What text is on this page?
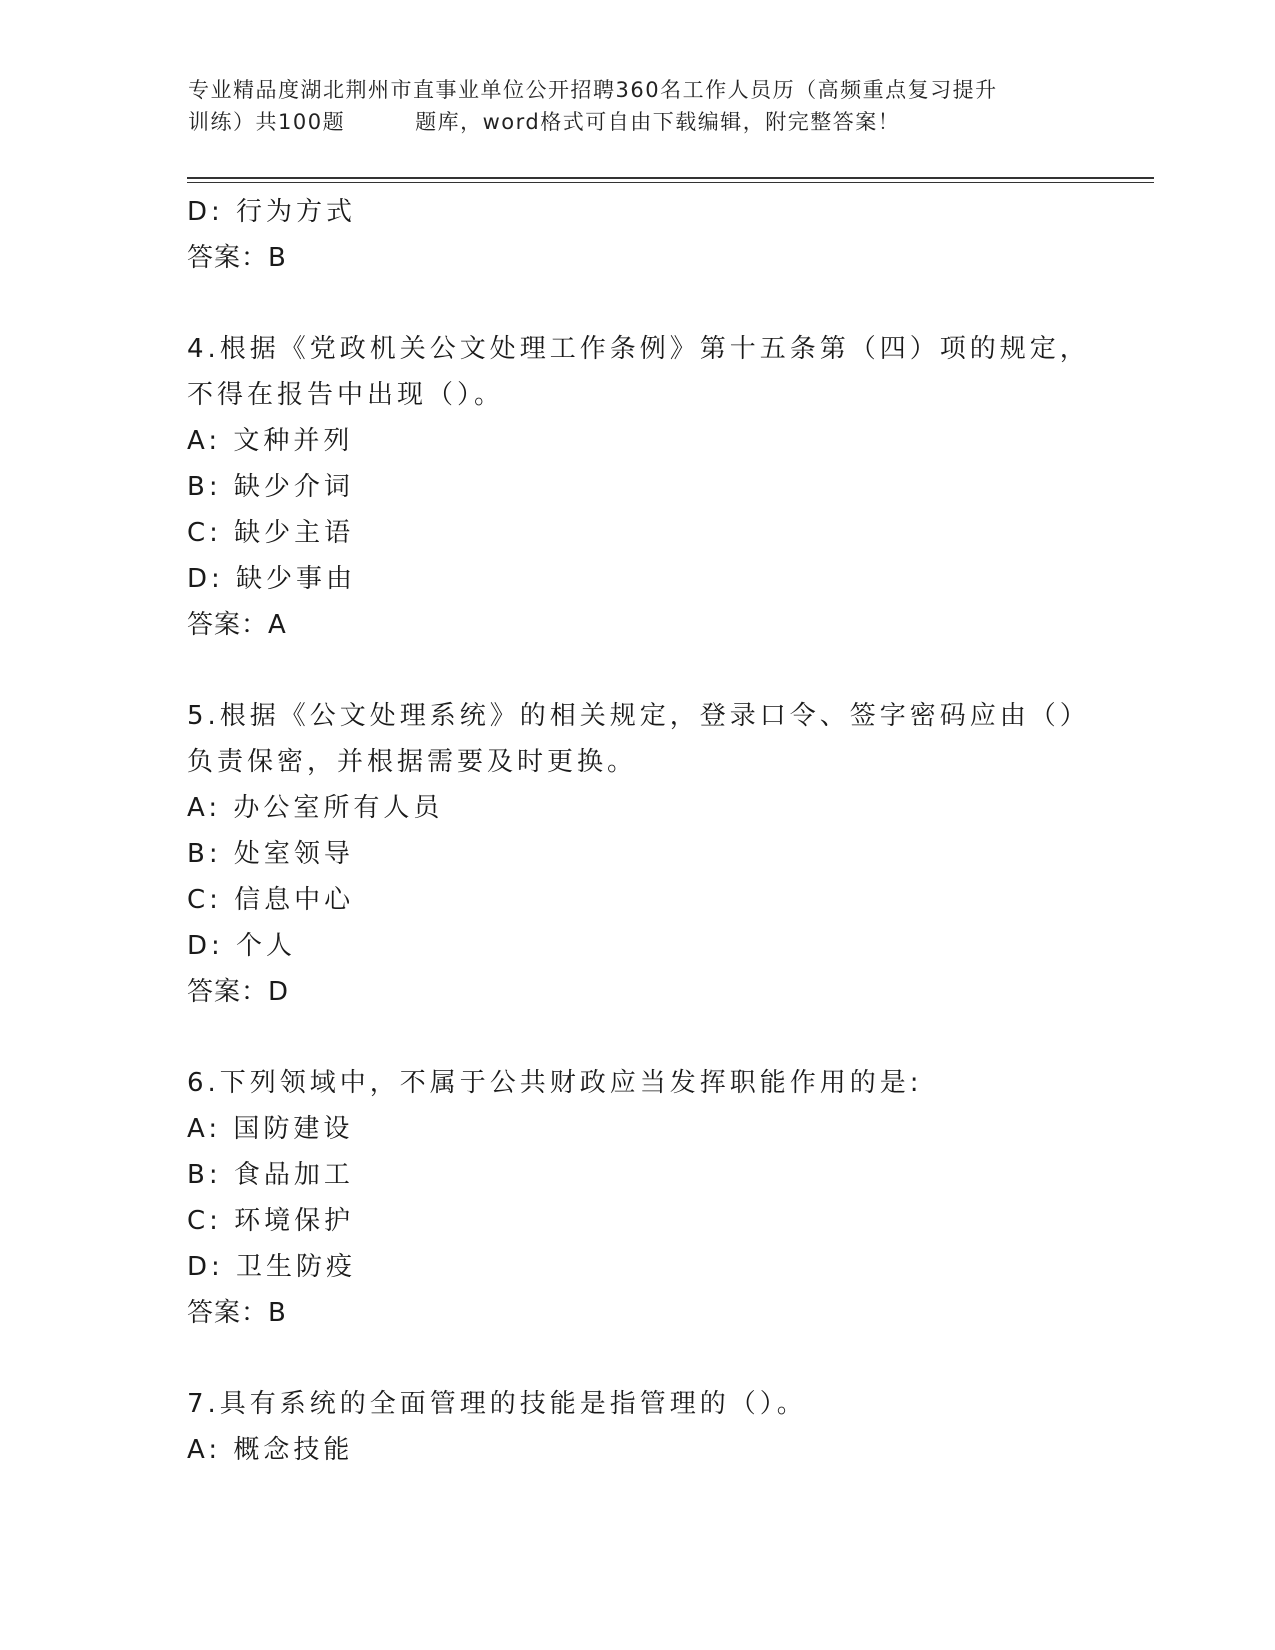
专业精品度湖北荆州市直事业单位公开招聘360名工作人员历（高频重点复习提升
训练）共100题	题库，word格式可自由下载编辑，附完整答案！
D: 行为方式
答案：B
4.根据《党政机关公文处理工作条例》第十五条第（四）项的规定，
不得在报告中出现（）。
A: 文种并列
B: 缺少介词
C: 缺少主语
D: 缺少事由
答案：A
5.根据《公文处理系统》的相关规定，登录口令、签字密码应由（）
负责保密，并根据需要及时更换。
A: 办公室所有人员
B: 处室领导
C: 信息中心
D: 个人
答案：D
6.下列领域中，不属于公共财政应当发挥职能作用的是:
A: 国防建设
B: 食品加工
C: 环境保护
D: 卫生防疫
答案：B
7.具有系统的全面管理的技能是指管理的（）。
A: 概念技能
